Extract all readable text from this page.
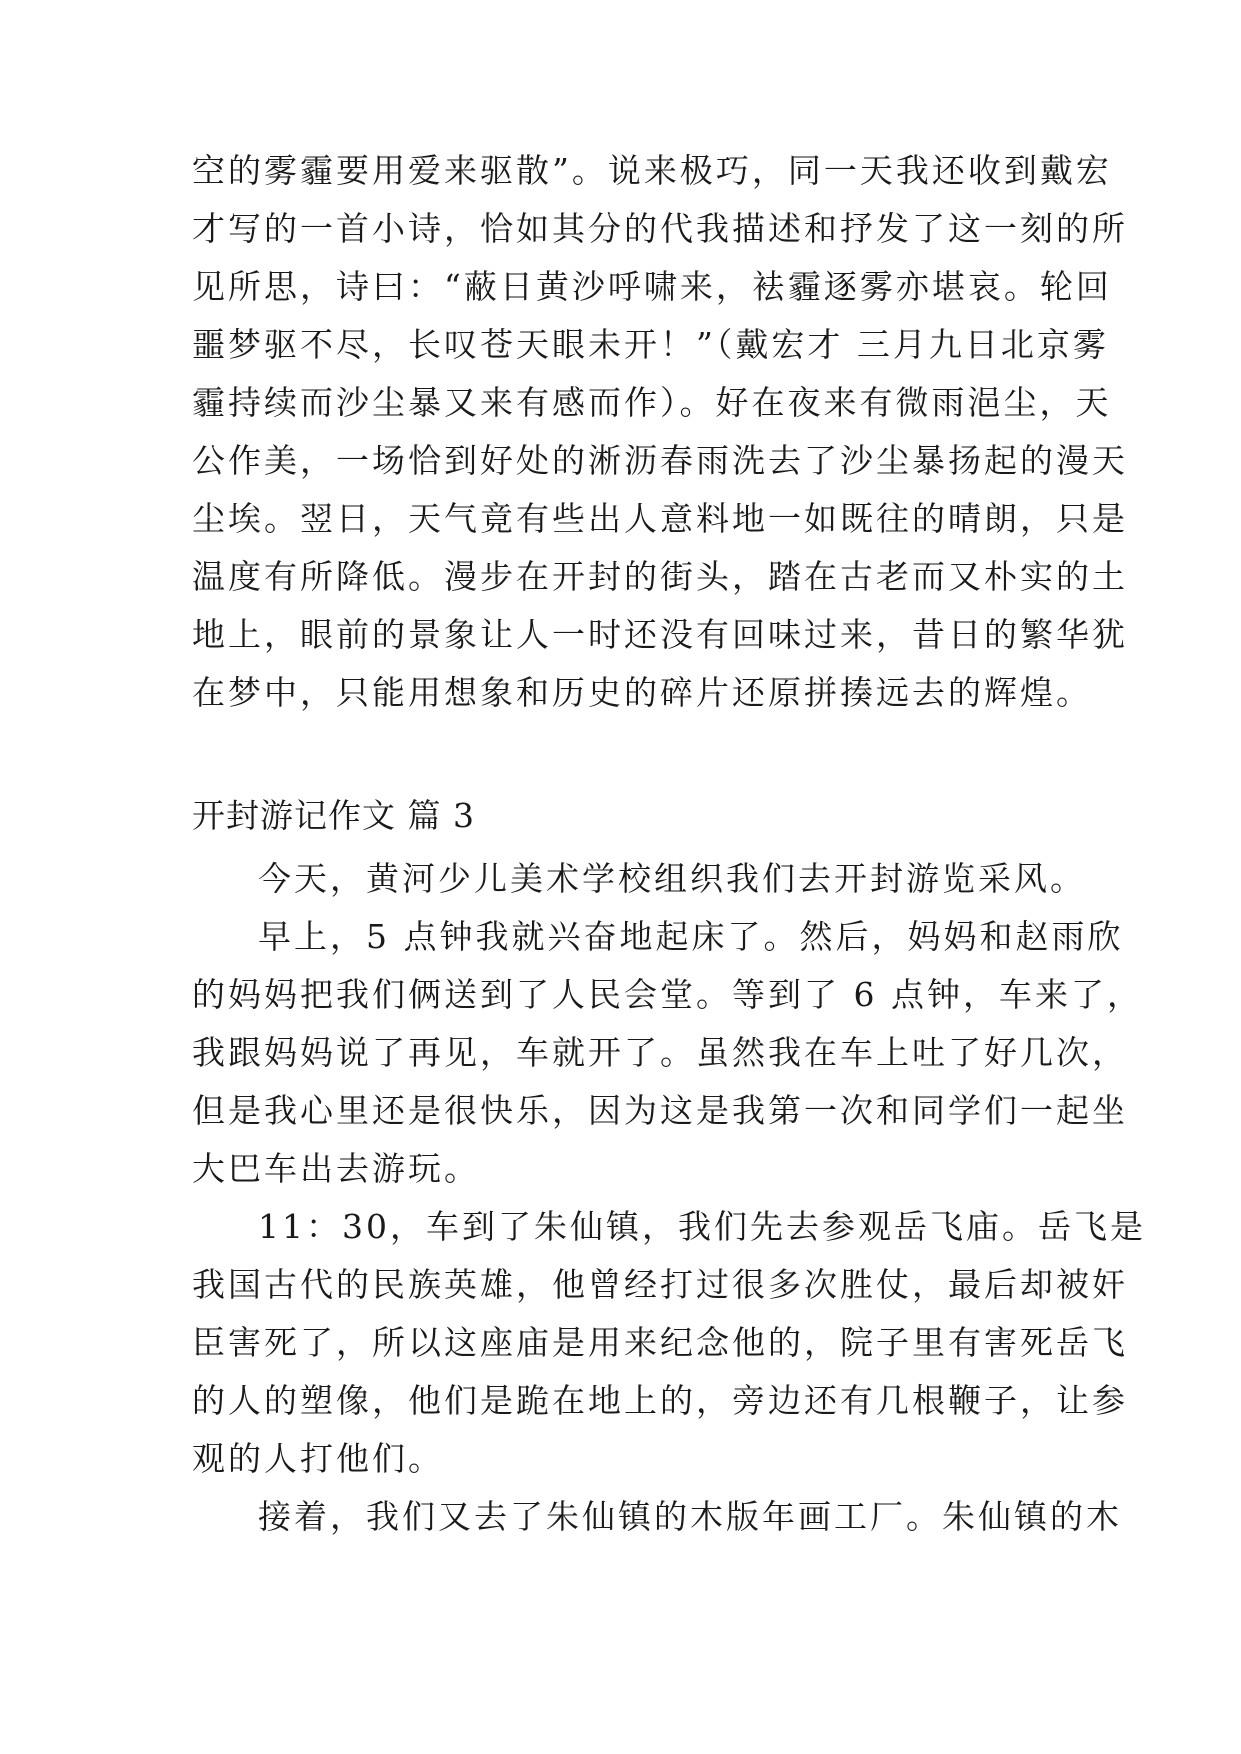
空的雾霾要用爱来驱散”。说来极巧，同一天我还收到戴宏
才写的一首小诗，恰如其分的代我描述和抒发了这一刻的所
见所思，诗曰：“蔽日黄沙呼啸来，袪霾逐雾亦堪哀。轮回
噩梦驱不尽，长叹苍天眼未开！”（戴宏才 三月九日北京雾
霾持续而沙尘暴又来有感而作）。好在夜来有微雨浥尘，天
公作美，一场恰到好处的淅沥春雨洗去了沙尘暴扬起的漫天
尘埃。翌日，天气竟有些出人意料地一如既往的晴朗，只是
温度有所降低。漫步在开封的街头，踏在古老而又朴实的土
地上，眼前的景象让人一时还没有回味过来，昔日的繁华犹
在梦中，只能用想象和历史的碎片还原拼揍远去的辉煌。
开封游记作文 篇 3
今天，黄河少儿美术学校组织我们去开封游览采风。
早上，5 点钟我就兴奋地起床了。然后，妈妈和赵雨欣
的妈妈把我们俩送到了人民会堂。等到了 6 点钟，车来了，
我跟妈妈说了再见，车就开了。虽然我在车上吐了好几次，
但是我心里还是很快乐，因为这是我第一次和同学们一起坐
大巴车出去游玩。
11：30，车到了朱仙镇，我们先去参观岳飞庙。岳飞是
我国古代的民族英雄，他曾经打过很多次胜仗，最后却被奸
臣害死了，所以这座庙是用来纪念他的，院子里有害死岳飞
的人的塑像，他们是跪在地上的，旁边还有几根鞭子，让参
观的人打他们。
接着，我们又去了朱仙镇的木版年画工厂。朱仙镇的木
